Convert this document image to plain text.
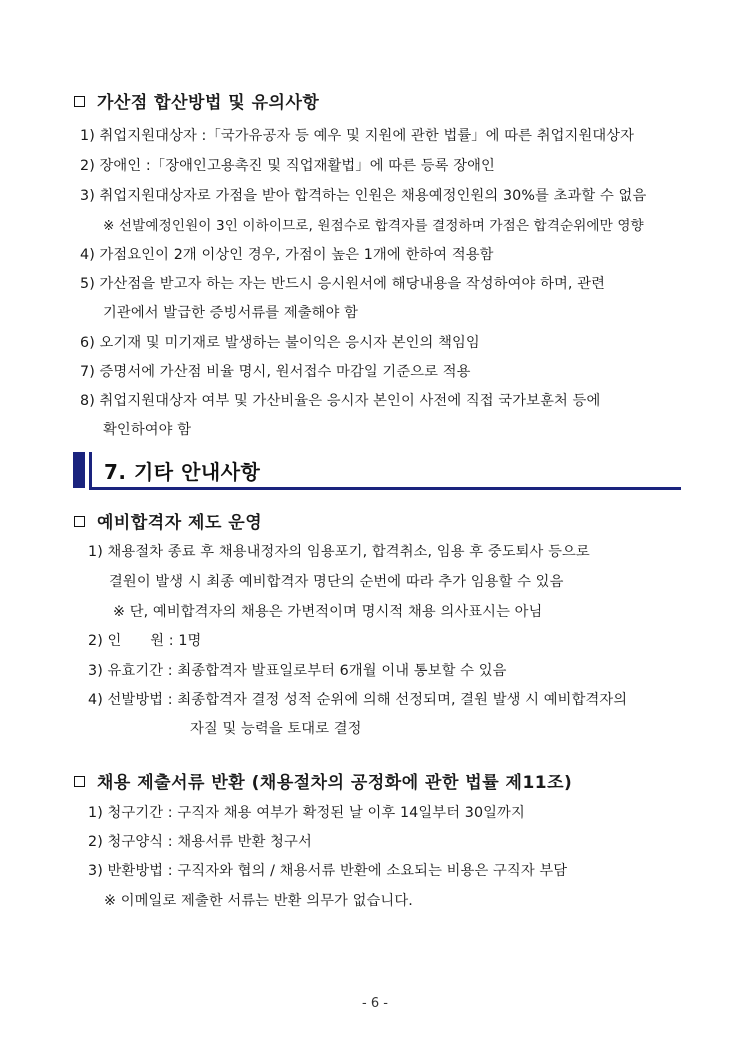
가산점 합산방법 및 유의사항
1) 취업지원대상자 :「국가유공자 등 예우 및 지원에 관한 법률」에 따른 취업지원대상자
2) 장애인 :「장애인고용촉진 및 직업재활법」에 따른 등록 장애인
3) 취업지원대상자로 가점을 받아 합격하는 인원은 채용예정인원의 30%를 초과할 수 없음
※ 선발예정인원이 3인 이하이므로, 원점수로 합격자를 결정하며 가점은 합격순위에만 영향
4) 가점요인이 2개 이상인 경우, 가점이 높은 1개에 한하여 적용함
5) 가산점을 받고자 하는 자는 반드시 응시원서에 해당내용을 작성하여야 하며, 관련
기관에서 발급한 증빙서류를 제출해야 함
6) 오기재 및 미기재로 발생하는 불이익은 응시자 본인의 책임임
7) 증명서에 가산점 비율 명시, 원서접수 마감일 기준으로 적용
8) 취업지원대상자 여부 및 가산비율은 응시자 본인이 사전에 직접 국가보훈처 등에
확인하여야 함
7. 기타 안내사항
예비합격자 제도 운영
1) 채용절차 종료 후 채용내정자의 임용포기, 합격취소, 임용 후 중도퇴사 등으로
결원이 발생 시 최종 예비합격자 명단의 순번에 따라 추가 임용할 수 있음
※ 단, 예비합격자의 채용은 가변적이며 명시적 채용 의사표시는 아님
2) 인　　원 : 1명
3) 유효기간 : 최종합격자 발표일로부터 6개월 이내 통보할 수 있음
4) 선발방법 : 최종합격자 결정 성적 순위에 의해 선정되며, 결원 발생 시 예비합격자의
자질 및 능력을 토대로 결정
채용 제출서류 반환 (채용절차의 공정화에 관한 법률 제11조)
1) 청구기간 : 구직자 채용 여부가 확정된 날 이후 14일부터 30일까지
2) 청구양식 : 채용서류 반환 청구서
3) 반환방법 : 구직자와 협의 / 채용서류 반환에 소요되는 비용은 구직자 부담
※ 이메일로 제출한 서류는 반환 의무가 없습니다.
- 6 -
